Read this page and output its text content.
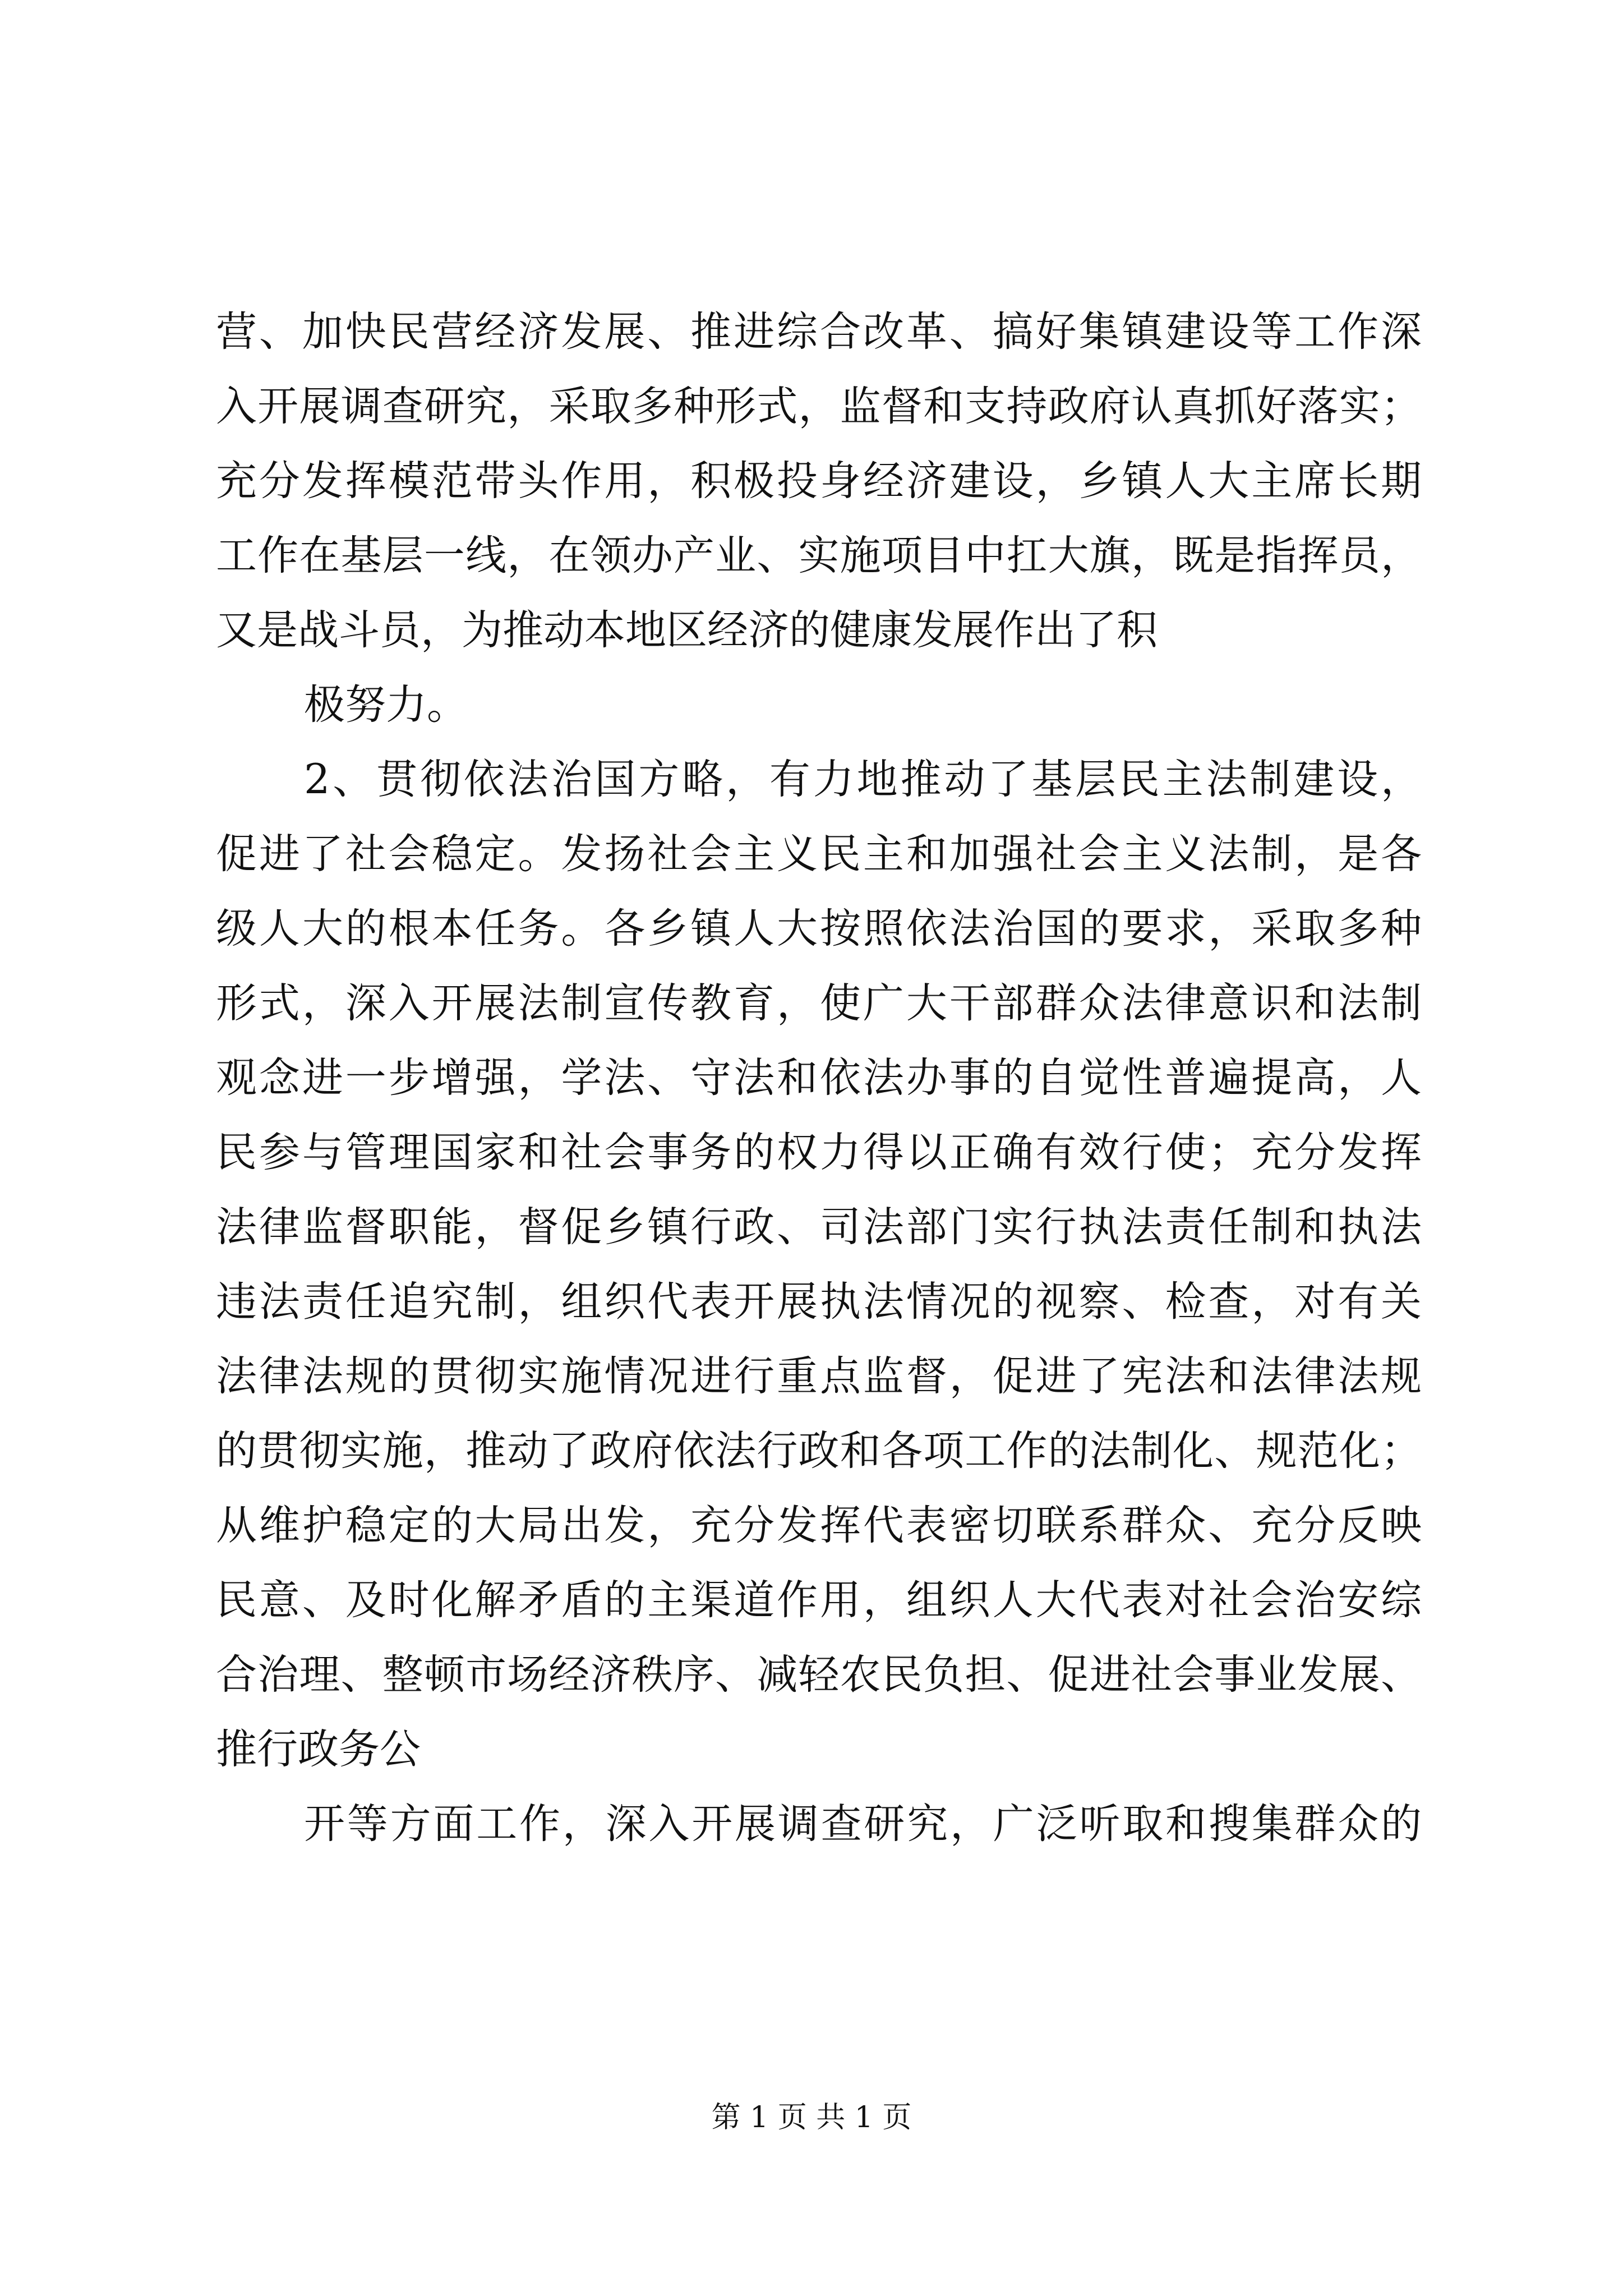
营、加快民营经济发展、推进综合改革、搞好集镇建设等工作深
入开展调查研究，采取多种形式，监督和支持政府认真抓好落实；
充分发挥模范带头作用，积极投身经济建设，乡镇人大主席长期
工作在基层一线，在领办产业、实施项目中扛大旗，既是指挥员，
又是战斗员，为推动本地区经济的健康发展作出了积
极努力。
2、贯彻依法治国方略，有力地推动了基层民主法制建设，
促进了社会稳定。发扬社会主义民主和加强社会主义法制，是各
级人大的根本任务。各乡镇人大按照依法治国的要求，采取多种
形式，深入开展法制宣传教育，使广大干部群众法律意识和法制
观念进一步增强，学法、守法和依法办事的自觉性普遍提高，人
民参与管理国家和社会事务的权力得以正确有效行使；充分发挥
法律监督职能，督促乡镇行政、司法部门实行执法责任制和执法
违法责任追究制，组织代表开展执法情况的视察、检查，对有关
法律法规的贯彻实施情况进行重点监督，促进了宪法和法律法规
的贯彻实施，推动了政府依法行政和各项工作的法制化、规范化；
从维护稳定的大局出发，充分发挥代表密切联系群众、充分反映
民意、及时化解矛盾的主渠道作用，组织人大代表对社会治安综
合治理、整顿市场经济秩序、减轻农民负担、促进社会事业发展、
推行政务公
开等方面工作，深入开展调查研究，广泛听取和搜集群众的
第 1 页 共 1 页
